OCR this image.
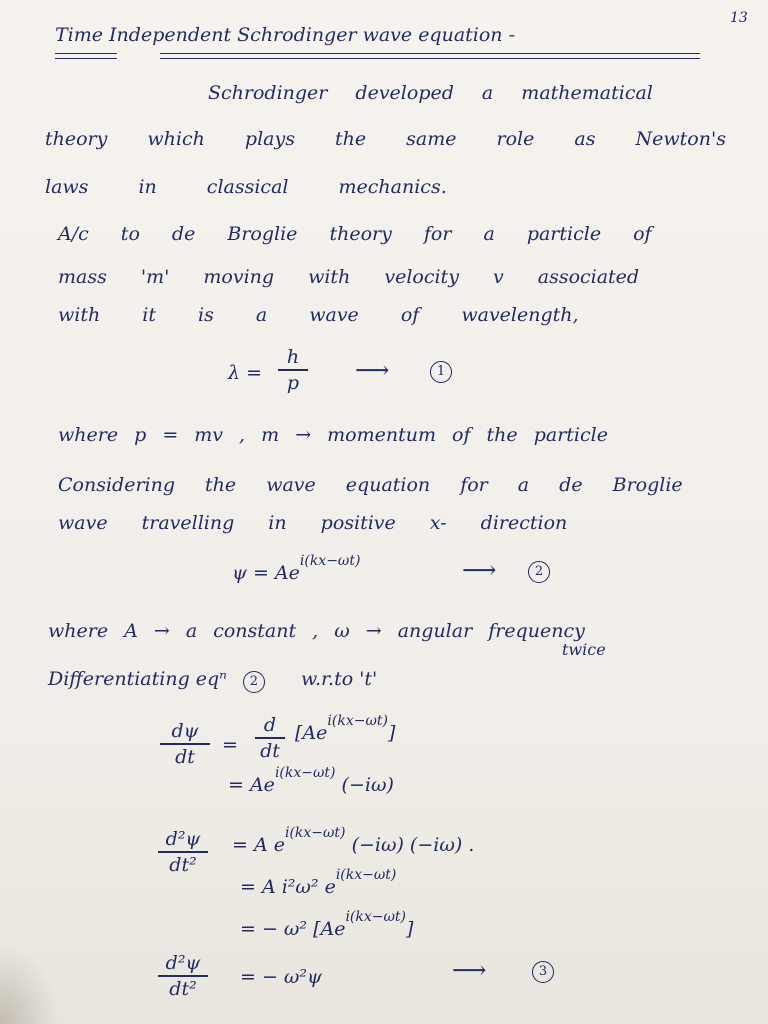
13
Time Independent Schrodinger wave equation -
Schrodinger developed a mathematical
theory which plays the same role as Newton's
laws in classical mechanics.
A/c to de Broglie theory for a particle of
mass 'm' moving with velocity v associated
with it is a wave of wavelength,
λ =
h
p ⟶	1
where p = mv , m → momentum of the particle
Considering the wave equation for a de Broglie
wave travelling in positive x- direction
$\psi = Ae^{i(kx-\omega t)}$	⟶	2
where A → a constant , ω → angular frequency
Differentiating eqⁿ 2 w.r.to 't'
twice
dψ
dt
=
d
dt
$[Ae^{i(kx-\omega t)}]$
= $Ae^{i(kx-\omega t)}$ (−iω)
d²ψ
dt²
= A $e^{i(kx-\omega t)}$ (−iω) (−iω) .
= A i²ω² $e^{i(kx-\omega t)}$
= − ω² $[Ae^{i(kx-\omega t)}]$
d²ψ
dt²
= − ω²ψ	⟶	3
